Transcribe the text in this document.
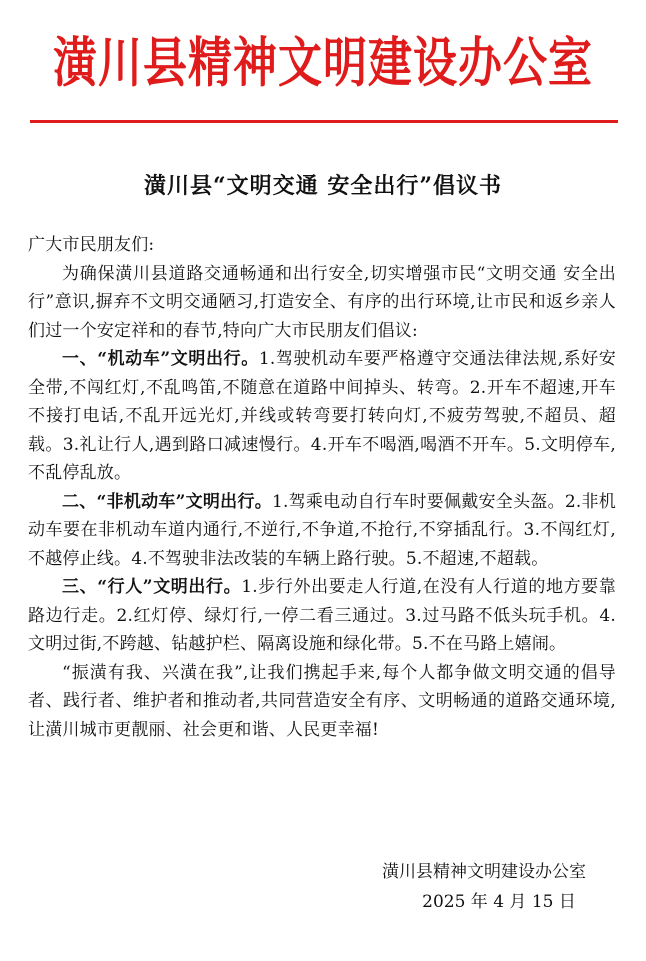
潢川县精神文明建设办公室
潢川县“文明交通 安全出行”倡议书

广大市民朋友们:

为确保潢川县道路交通畅通和出行安全,切实增强市民“文明交通 安全出行”意识,摒弃不文明交通陋习,打造安全、有序的出行环境,让市民和返乡亲人们过一个安定祥和的春节,特向广大市民朋友们倡议:

一、“机动车”文明出行。1.驾驶机动车要严格遵守交通法律法规,系好安全带,不闯红灯,不乱鸣笛,不随意在道路中间掉头、转弯。2.开车不超速,开车不接打电话,不乱开远光灯,并线或转弯要打转向灯,不疲劳驾驶,不超员、超载。3.礼让行人,遇到路口减速慢行。4.开车不喝酒,喝酒不开车。5.文明停车,不乱停乱放。

二、“非机动车”文明出行。1.驾乘电动自行车时要佩戴安全头盔。2.非机动车要在非机动车道内通行,不逆行,不争道,不抢行,不穿插乱行。3.不闯红灯,不越停止线。4.不驾驶非法改装的车辆上路行驶。5.不超速,不超载。

三、“行人”文明出行。1.步行外出要走人行道,在没有人行道的地方要靠路边行走。2.红灯停、绿灯行,一停二看三通过。3.过马路不低头玩手机。4.文明过街,不跨越、钻越护栏、隔离设施和绿化带。5.不在马路上嬉闹。

“振潢有我、兴潢在我”,让我们携起手来,每个人都争做文明交通的倡导者、践行者、维护者和推动者,共同营造安全有序、文明畅通的道路交通环境,让潢川城市更靓丽、社会更和谐、人民更幸福!

潢川县精神文明建设办公室
2025 年 4 月 15 日
